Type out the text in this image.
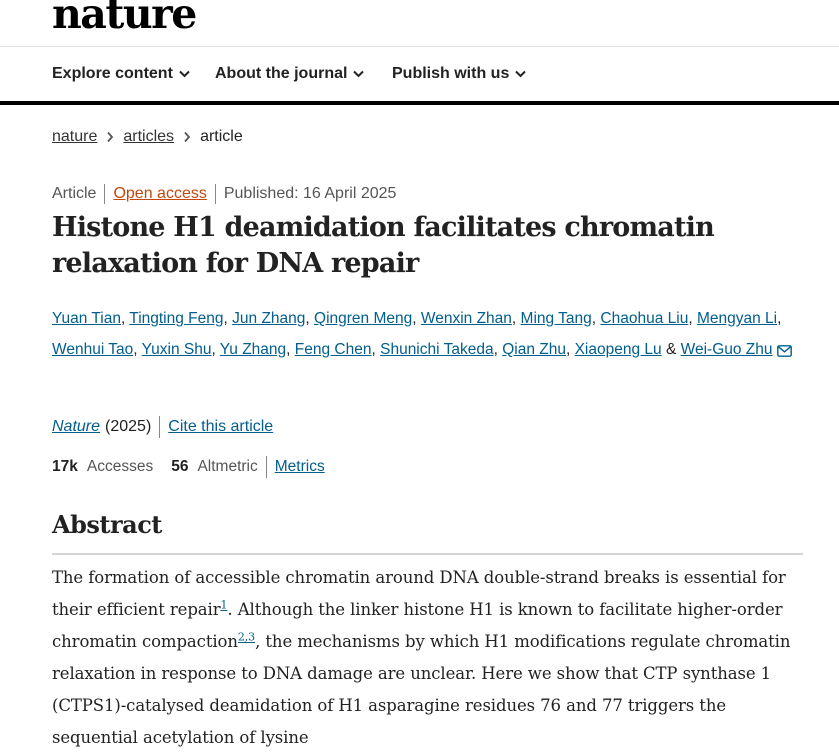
nature
Explore content	About the journal	Publish with us
nature articles article
Article Open access Published: 16 April 2025
Histone H1 deamidation facilitates chromatin relaxation for DNA repair
Yuan Tian, Tingting Feng, Jun Zhang, Qingren Meng, Wenxin Zhan, Ming Tang, Chaohua Liu, Mengyan Li,
Wenhui Tao, Yuxin Shu, Yu Zhang, Feng Chen, Shunichi Takeda, Qian Zhu, Xiaopeng Lu & Wei-Guo Zhu
Nature (2025) Cite this article
17k Accesses 56 Altmetric Metrics
Abstract

The formation of accessible chromatin around DNA double-strand breaks is essential for their efficient repair$^1$. Although the linker histone H1 is known to facilitate higher-order chromatin compaction$^{2,3}$, the mechanisms by which H1 modifications regulate chromatin relaxation in response to DNA damage are unclear. Here we show that CTP synthase 1 (CTPS1)-catalysed deamidation of H1 asparagine residues 76 and 77 triggers the sequential acetylation of lysine
